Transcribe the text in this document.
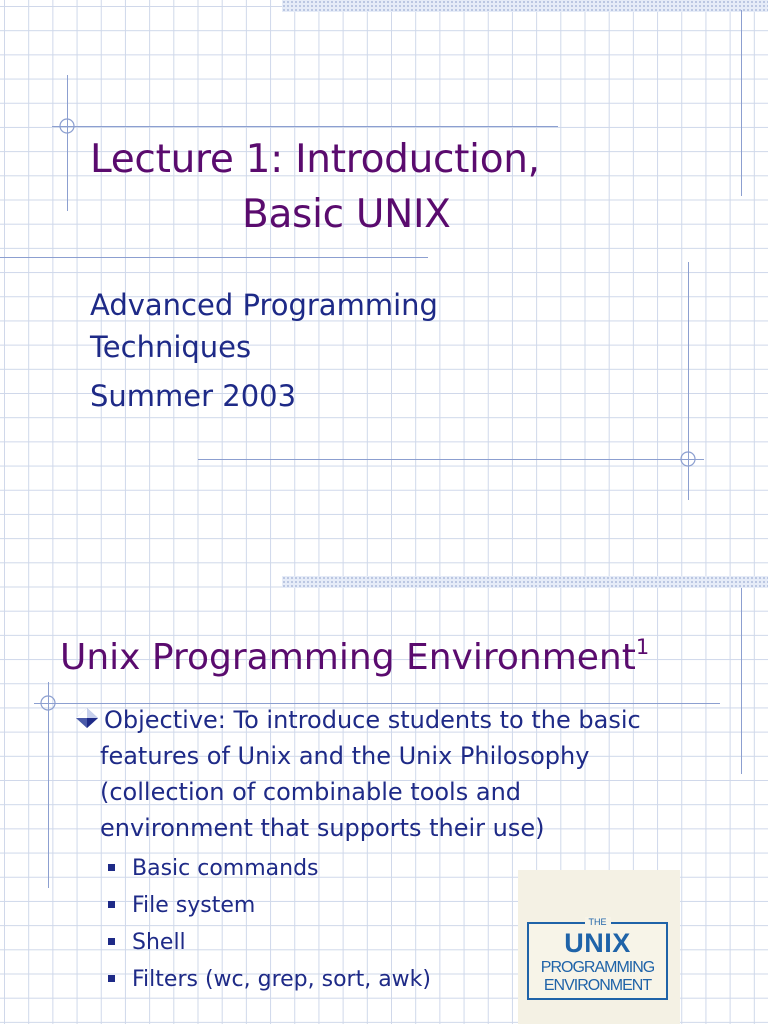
Lecture 1: Introduction,
Basic UNIX
Advanced Programming
Techniques
Summer 2003
Unix Programming Environment$^1$
Objective: To introduce students to the basic
features of Unix and the Unix Philosophy
(collection of combinable tools and
environment that supports their use)
Basic commands
File system
Shell
Filters (wc, grep, sort, awk)
THE
UNIX
PROGRAMMING
ENVIRONMENT
